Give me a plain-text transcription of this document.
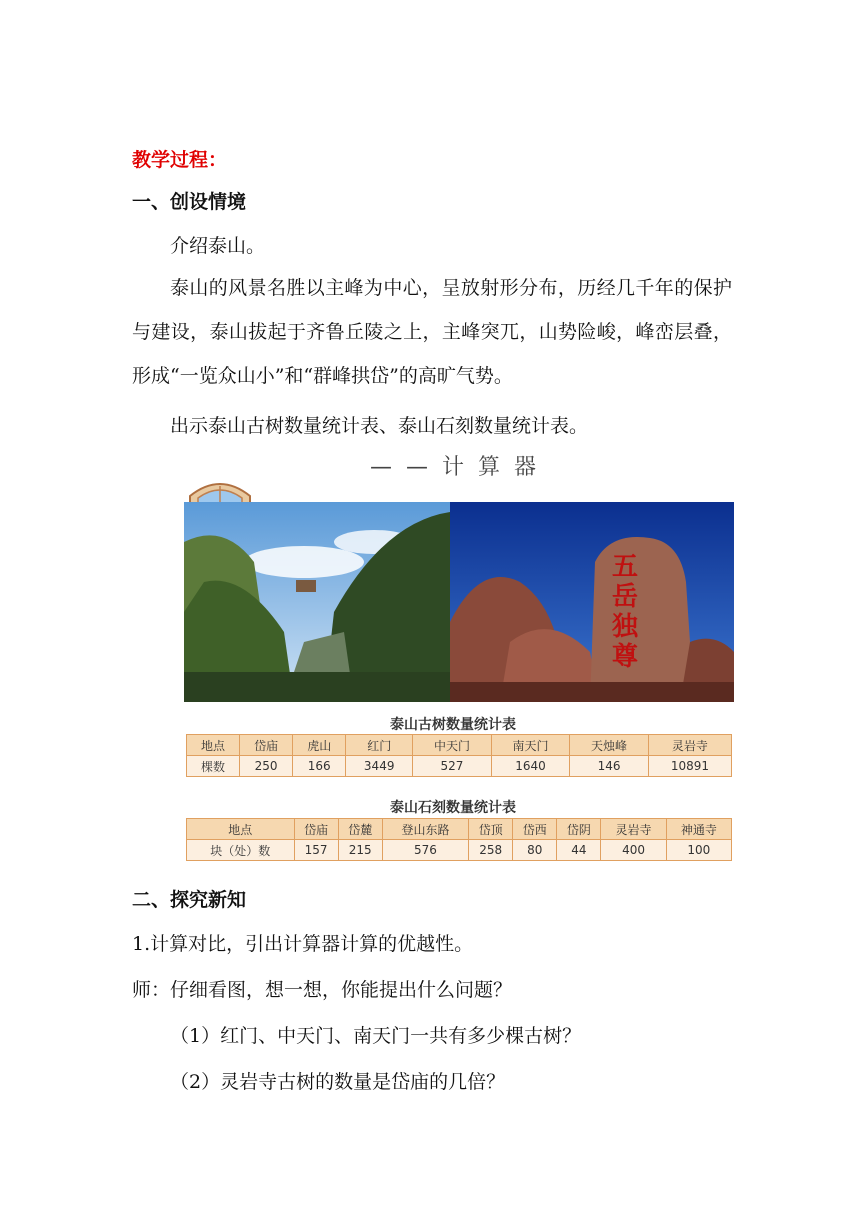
教学过程：
一、创设情境
介绍泰山。
泰山的风景名胜以主峰为中心，呈放射形分布，历经几千年的保护与建设，泰山拔起于齐鲁丘陵之上，主峰突兀，山势险峻，峰峦层叠，形成“一览众山小”和“群峰拱岱”的高旷气势。
出示泰山古树数量统计表、泰山石刻数量统计表。
——计算器
五岳独尊
泰山古树数量统计表
地点	岱庙	虎山	红门	中天门	南天门	天烛峰	灵岩寺
棵数	250	166	3449	527	1640	146	10891
泰山石刻数量统计表
地点	岱庙	岱麓	登山东路	岱顶	岱西	岱阴	灵岩寺	神通寺
块（处）数	157	215	576	258	80	44	400	100
二、探究新知
1.计算对比，引出计算器计算的优越性。
师：仔细看图，想一想，你能提出什么问题？
（1）红门、中天门、南天门一共有多少棵古树？
（2）灵岩寺古树的数量是岱庙的几倍？
